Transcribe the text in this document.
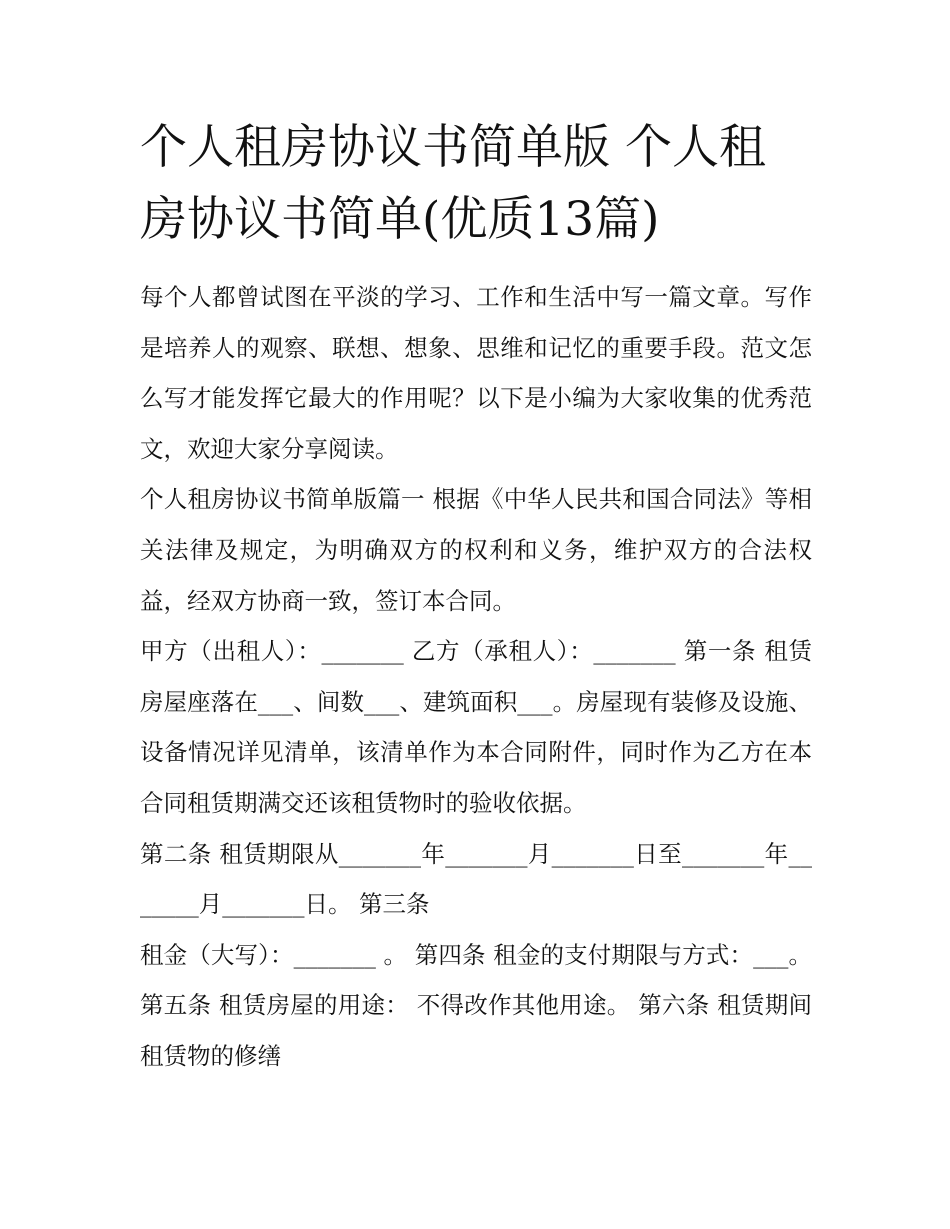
个人租房协议书简单版 个人租房协议书简单(优质13篇)

每个人都曾试图在平淡的学习、工作和生活中写一篇文章。写作是培养人的观察、联想、想象、思维和记忆的重要手段。范文怎么写才能发挥它最大的作用呢？以下是小编为大家收集的优秀范文，欢迎大家分享阅读。

个人租房协议书简单版篇一 根据《中华人民共和国合同法》等相关法律及规定，为明确双方的权利和义务，维护双方的合法权益，经双方协商一致，签订本合同。

甲方（出租人）：_______ 乙方（承租人）：_______ 第一条 租赁房屋座落在___、间数___、建筑面积___。房屋现有装修及设施、设备情况详见清单，该清单作为本合同附件，同时作为乙方在本合同租赁期满交还该租赁物时的验收依据。

第二条 租赁期限从_______年_______月_______日至_______年_______月_______日。 第三条

租金（大写）：_______ 。 第四条 租金的支付期限与方式：___。 第五条 租赁房屋的用途： 不得改作其他用途。 第六条 租赁期间租赁物的修缮
